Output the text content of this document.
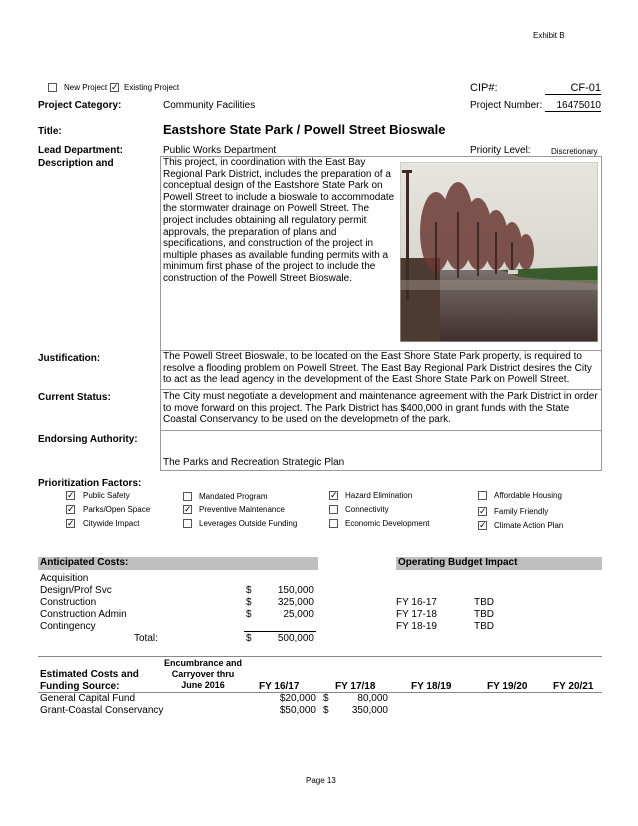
Exhibit B
New Project
✓ Existing Project	CIP#:	CF-01
Project Category:	Community Facilities	Project Number:	16475010
Title:	Eastshore State Park / Powell Street Bioswale
Lead Department:	Public Works Department	Priority Level:	Discretionary
Description and	This project, in coordination with the East Bay Regional Park District, includes the preparation of a conceptual design of the Eastshore State Park on Powell Street to include a bioswale to accommodate the stormwater drainage on Powell Street. The project includes obtaining all regulatory permit approvals, the preparation of plans and specifications, and construction of the project in multiple phases as available funding permits with a minimum first phase of the project to include the construction of the Powell Street Bioswale.
Justification:	The Powell Street Bioswale, to be located on the East Shore State Park property, is required to resolve a flooding problem on Powell Street. The East Bay Regional Park District desires the City to act as the lead agency in the development of the East Shore State Park on Powell Street.
Current Status:	The City must negotiate a development and maintenance agreement with the Park District in order to move forward on this project. The Park District has $400,000 in grant funds with the State Coastal Conservancy to be used on the developmetn of the park.
Endorsing Authority:
The Parks and Recreation Strategic Plan
Prioritization Factors:
✓
Public Safety
✓
Parks/Open Space
✓
Citywide Impact
Mandated Program
✓
Preventive Maintenance
Leverages Outside Funding
✓
Hazard Elimination
Connectivity
Economic Development
Affordable Housing
✓
Family Friendly
✓
Climate Action Plan
Anticipated Costs:	Operating Budget Impact
Acquisition
Design/Prof Svc	$	150,000
Construction	$	325,000
Construction Admin	$	25,000
Contingency
Total:	$	500,000
FY 16-17	TBD
FY 17-18	TBD
FY 18-19	TBD
Encumbrance and
Carryover thru
June 2016
Estimated Costs and
Funding Source:	FY 16/17	FY 17/18	FY 18/19	FY 19/20	FY 20/21
General Capital Fund	$20,000 $	80,000
Grant-Coastal Conservancy	$50,000 $	350,000
Page 13
